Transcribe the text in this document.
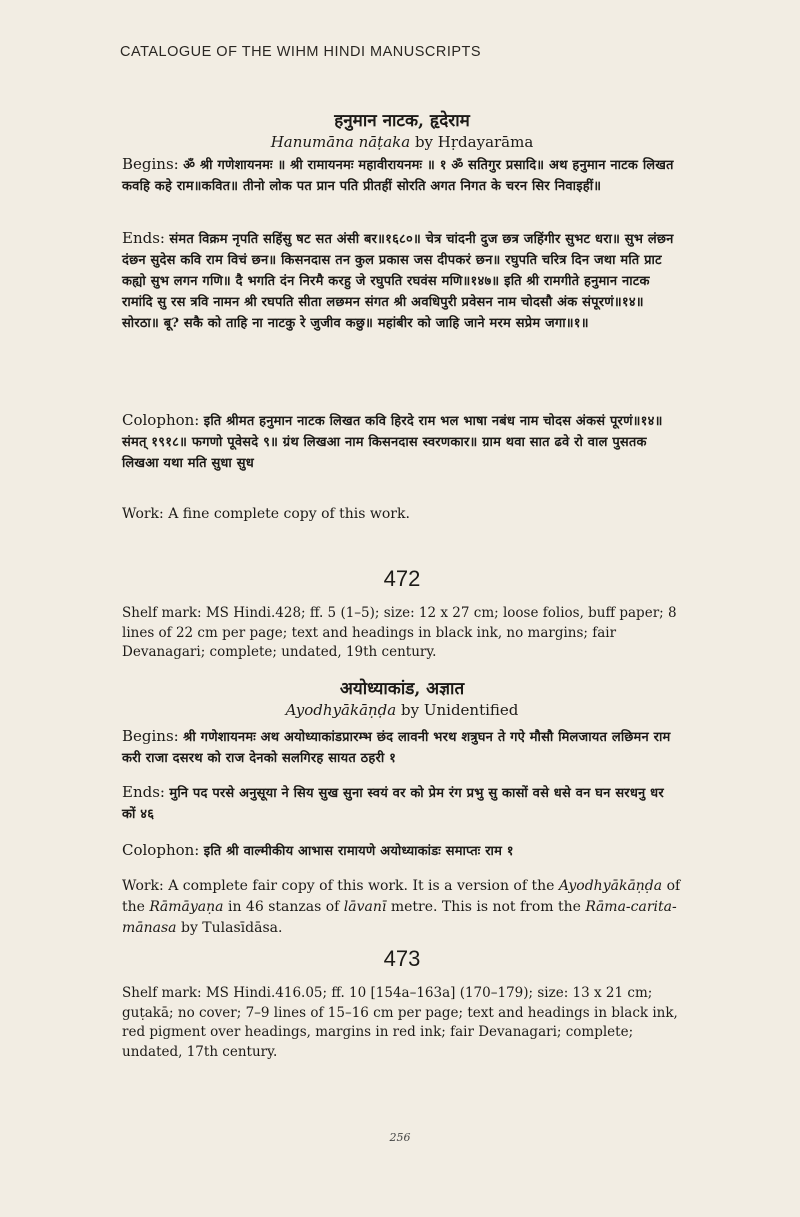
CATALOGUE OF THE WIHM HINDI MANUSCRIPTS

हनुमान नाटक, हृदेराम

Hanumāna nāṭaka by Hṛdayarāma

Begins: ॐ श्री गणेशायनमः ॥ श्री रामायनमः महावीरायनमः ॥ १ ॐ सतिगुर प्रसादि॥ अथ हनुमान नाटक लिखत कवहि कहे राम॥कवित॥ तीनो लोक पत प्रान पति प्रीतहीं सोरति अगत निगत के चरन सिर निवाइहीं॥

Ends: संमत विक्रम नृपति सहिंसु षट सत अंसी बर॥१६८०॥ चेत्र चांदनी दुज छत्र जहिंगीर सुभट धरा॥ सुभ लंछन दंछन सुदेस कवि राम विचं छन॥ किसनदास तन कुल प्रकास जस दीपकरं छन॥ रघुपति चरित्र दिन जथा मति प्राट कह्यो सुभ लगन गणि॥ दै भगति दंन निरमै करहु जे रघुपति रघवंस मणि॥१४७॥ इति श्री रामगीते हनुमान नाटक रामांदि सु रस त्रवि नामन श्री रघपति सीता लछमन संगत श्री अवधिपुरी प्रवेसन नाम चोदसौ अंक संपूरणं॥१४॥ सोरठा॥ बू? सकै को ताहि ना नाटकु रे जुजीव कछु॥ महांबीर को जाहि जाने मरम सप्रेम जगा॥१॥

Colophon: इति श्रीमत हनुमान नाटक लिखत कवि हिरदे राम भल भाषा नबंध नाम चोदस अंकसं पूरणं॥१४॥ संमत् १९१८॥ फगणो पूवेसदे ९॥ ग्रंथ लिखआ नाम किसनदास स्वरणकार॥ ग्राम थवा सात ढवे रो वाल पुसतक लिखआ यथा मति सुधा सुध

Work: A fine complete copy of this work.

472

Shelf mark: MS Hindi.428; ff. 5 (1–5); size: 12 x 27 cm; loose folios, buff paper; 8 lines of 22 cm per page; text and headings in black ink, no margins; fair Devanagari; complete; undated, 19th century.

अयोध्याकांड, अज्ञात

Ayodhyākāṇḍa by Unidentified

Begins: श्री गणेशायनमः अथ अयोध्याकांडप्रारम्भ छंद लावनी भरथ शत्रुघन ते गऐ मौसौ मिलजायत लछिमन राम करी राजा दसरथ को राज देनको सलगिरह सायत ठहरी १

Ends: मुनि पद परसे अनुसूया ने सिय सुख सुना स्वयं वर को प्रेम रंग प्रभु सु कासों वसे धसे वन घन सरधनु धर कों ४६

Colophon: इति श्री वाल्मीकीय आभास रामायणे अयोध्याकांडः समाप्तः राम १

Work: A complete fair copy of this work. It is a version of the Ayodhyākāṇḍa of the Rāmāyaṇa in 46 stanzas of lāvanī metre. This is not from the Rāma-carita-mānasa by Tulasīdāsa.

473

Shelf mark: MS Hindi.416.05; ff. 10 [154a–163a] (170–179); size: 13 x 21 cm; guṭakā; no cover; 7–9 lines of 15–16 cm per page; text and headings in black ink, red pigment over headings, margins in red ink; fair Devanagari; complete; undated, 17th century.

256
